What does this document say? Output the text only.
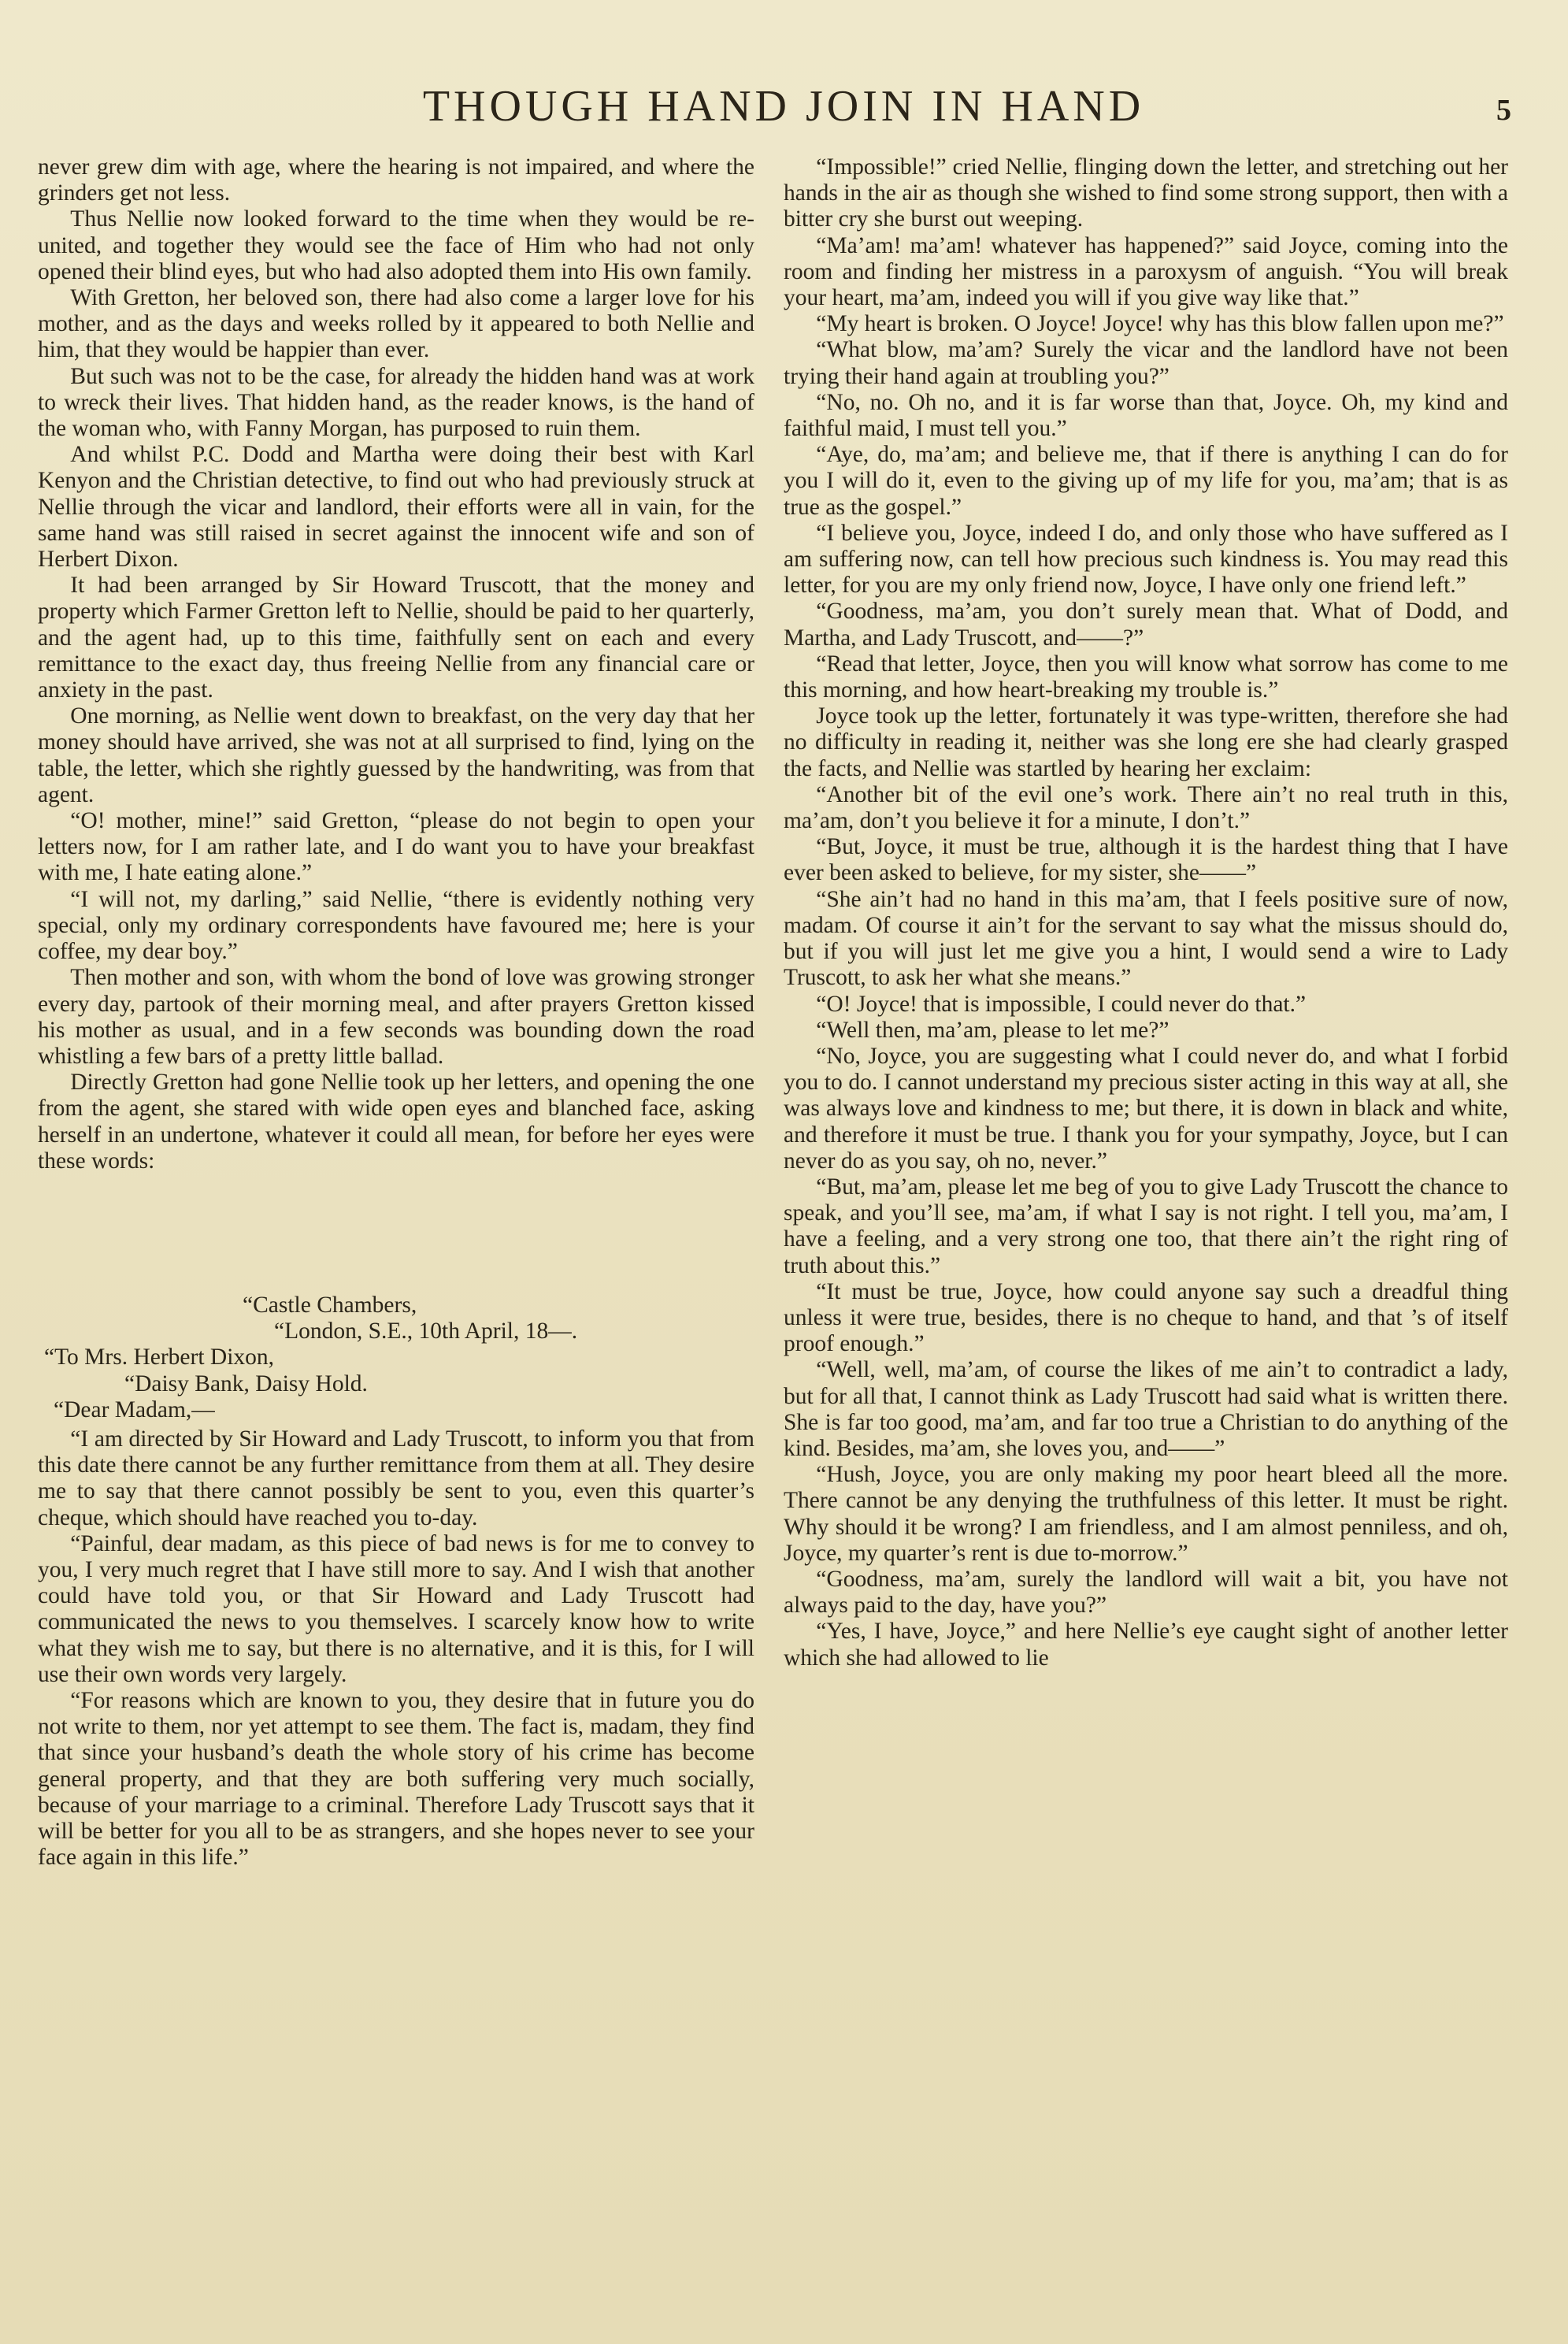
THOUGH HAND JOIN IN HAND	5

never grew dim with age, where the hearing is not impaired, and where the grinders get not less.

Thus Nellie now looked forward to the time when they would be re-united, and together they would see the face of Him who had not only opened their blind eyes, but who had also adopted them into His own family.

With Gretton, her beloved son, there had also come a larger love for his mother, and as the days and weeks rolled by it appeared to both Nellie and him, that they would be happier than ever.

But such was not to be the case, for already the hidden hand was at work to wreck their lives. That hidden hand, as the reader knows, is the hand of the woman who, with Fanny Morgan, has purposed to ruin them.

And whilst P.C. Dodd and Martha were doing their best with Karl Kenyon and the Christian detective, to find out who had previously struck at Nellie through the vicar and landlord, their efforts were all in vain, for the same hand was still raised in secret against the innocent wife and son of Herbert Dixon.

It had been arranged by Sir Howard Truscott, that the money and property which Farmer Gretton left to Nellie, should be paid to her quarterly, and the agent had, up to this time, faithfully sent on each and every remittance to the exact day, thus freeing Nellie from any financial care or anxiety in the past.

One morning, as Nellie went down to breakfast, on the very day that her money should have arrived, she was not at all surprised to find, lying on the table, the letter, which she rightly guessed by the handwriting, was from that agent.

“O! mother, mine!” said Gretton, “please do not begin to open your letters now, for I am rather late, and I do want you to have your breakfast with me, I hate eating alone.”

“I will not, my darling,” said Nellie, “there is evidently nothing very special, only my ordinary correspondents have favoured me; here is your coffee, my dear boy.”

Then mother and son, with whom the bond of love was growing stronger every day, partook of their morning meal, and after prayers Gretton kissed his mother as usual, and in a few seconds was bounding down the road whistling a few bars of a pretty little ballad.

Directly Gretton had gone Nellie took up her letters, and opening the one from the agent, she stared with wide open eyes and blanched face, asking herself in an undertone, whatever it could all mean, for before her eyes were these words:

“Castle Chambers,
“London, S.E., 10th April, 18—.
“To Mrs. Herbert Dixon,
“Daisy Bank, Daisy Hold.
“Dear Madam,—

“I am directed by Sir Howard and Lady Truscott, to inform you that from this date there cannot be any further remittance from them at all. They desire me to say that there cannot possibly be sent to you, even this quarter’s cheque, which should have reached you to-day.

“Painful, dear madam, as this piece of bad news is for me to convey to you, I very much regret that I have still more to say. And I wish that another could have told you, or that Sir Howard and Lady Truscott had communicated the news to you themselves. I scarcely know how to write what they wish me to say, but there is no alternative, and it is this, for I will use their own words very largely.

“For reasons which are known to you, they desire that in future you do not write to them, nor yet attempt to see them. The fact is, madam, they find that since your husband’s death the whole story of his crime has become general property, and that they are both suffering very much socially, because of your marriage to a criminal. Therefore Lady Truscott says that it will be better for you all to be as strangers, and she hopes never to see your face again in this life.”

“Impossible!” cried Nellie, flinging down the letter, and stretching out her hands in the air as though she wished to find some strong support, then with a bitter cry she burst out weeping.

“Ma’am! ma’am! whatever has happened?” said Joyce, coming into the room and finding her mistress in a paroxysm of anguish. “You will break your heart, ma’am, indeed you will if you give way like that.”

“My heart is broken. O Joyce! Joyce! why has this blow fallen upon me?”

“What blow, ma’am? Surely the vicar and the landlord have not been trying their hand again at troubling you?”

“No, no. Oh no, and it is far worse than that, Joyce. Oh, my kind and faithful maid, I must tell you.”

“Aye, do, ma’am; and believe me, that if there is anything I can do for you I will do it, even to the giving up of my life for you, ma’am; that is as true as the gospel.”

“I believe you, Joyce, indeed I do, and only those who have suffered as I am suffering now, can tell how precious such kindness is. You may read this letter, for you are my only friend now, Joyce, I have only one friend left.”

“Goodness, ma’am, you don’t surely mean that. What of Dodd, and Martha, and Lady Truscott, and——?”

“Read that letter, Joyce, then you will know what sorrow has come to me this morning, and how heart-breaking my trouble is.”

Joyce took up the letter, fortunately it was type-written, therefore she had no difficulty in reading it, neither was she long ere she had clearly grasped the facts, and Nellie was startled by hearing her exclaim:

“Another bit of the evil one’s work. There ain’t no real truth in this, ma’am, don’t you believe it for a minute, I don’t.”

“But, Joyce, it must be true, although it is the hardest thing that I have ever been asked to believe, for my sister, she——”

“She ain’t had no hand in this ma’am, that I feels positive sure of now, madam. Of course it ain’t for the servant to say what the missus should do, but if you will just let me give you a hint, I would send a wire to Lady Truscott, to ask her what she means.”

“O! Joyce! that is impossible, I could never do that.”

“Well then, ma’am, please to let me?”

“No, Joyce, you are suggesting what I could never do, and what I forbid you to do. I cannot understand my precious sister acting in this way at all, she was always love and kindness to me; but there, it is down in black and white, and therefore it must be true. I thank you for your sympathy, Joyce, but I can never do as you say, oh no, never.”

“But, ma’am, please let me beg of you to give Lady Truscott the chance to speak, and you’ll see, ma’am, if what I say is not right. I tell you, ma’am, I have a feeling, and a very strong one too, that there ain’t the right ring of truth about this.”

“It must be true, Joyce, how could anyone say such a dreadful thing unless it were true, besides, there is no cheque to hand, and that ’s of itself proof enough.”

“Well, well, ma’am, of course the likes of me ain’t to contradict a lady, but for all that, I cannot think as Lady Truscott had said what is written there. She is far too good, ma’am, and far too true a Christian to do anything of the kind. Besides, ma’am, she loves you, and——”

“Hush, Joyce, you are only making my poor heart bleed all the more. There cannot be any denying the truthfulness of this letter. It must be right. Why should it be wrong? I am friendless, and I am almost penniless, and oh, Joyce, my quarter’s rent is due to-morrow.”

“Goodness, ma’am, surely the landlord will wait a bit, you have not always paid to the day, have you?”

“Yes, I have, Joyce,” and here Nellie’s eye caught sight of another letter which she had allowed to lie
